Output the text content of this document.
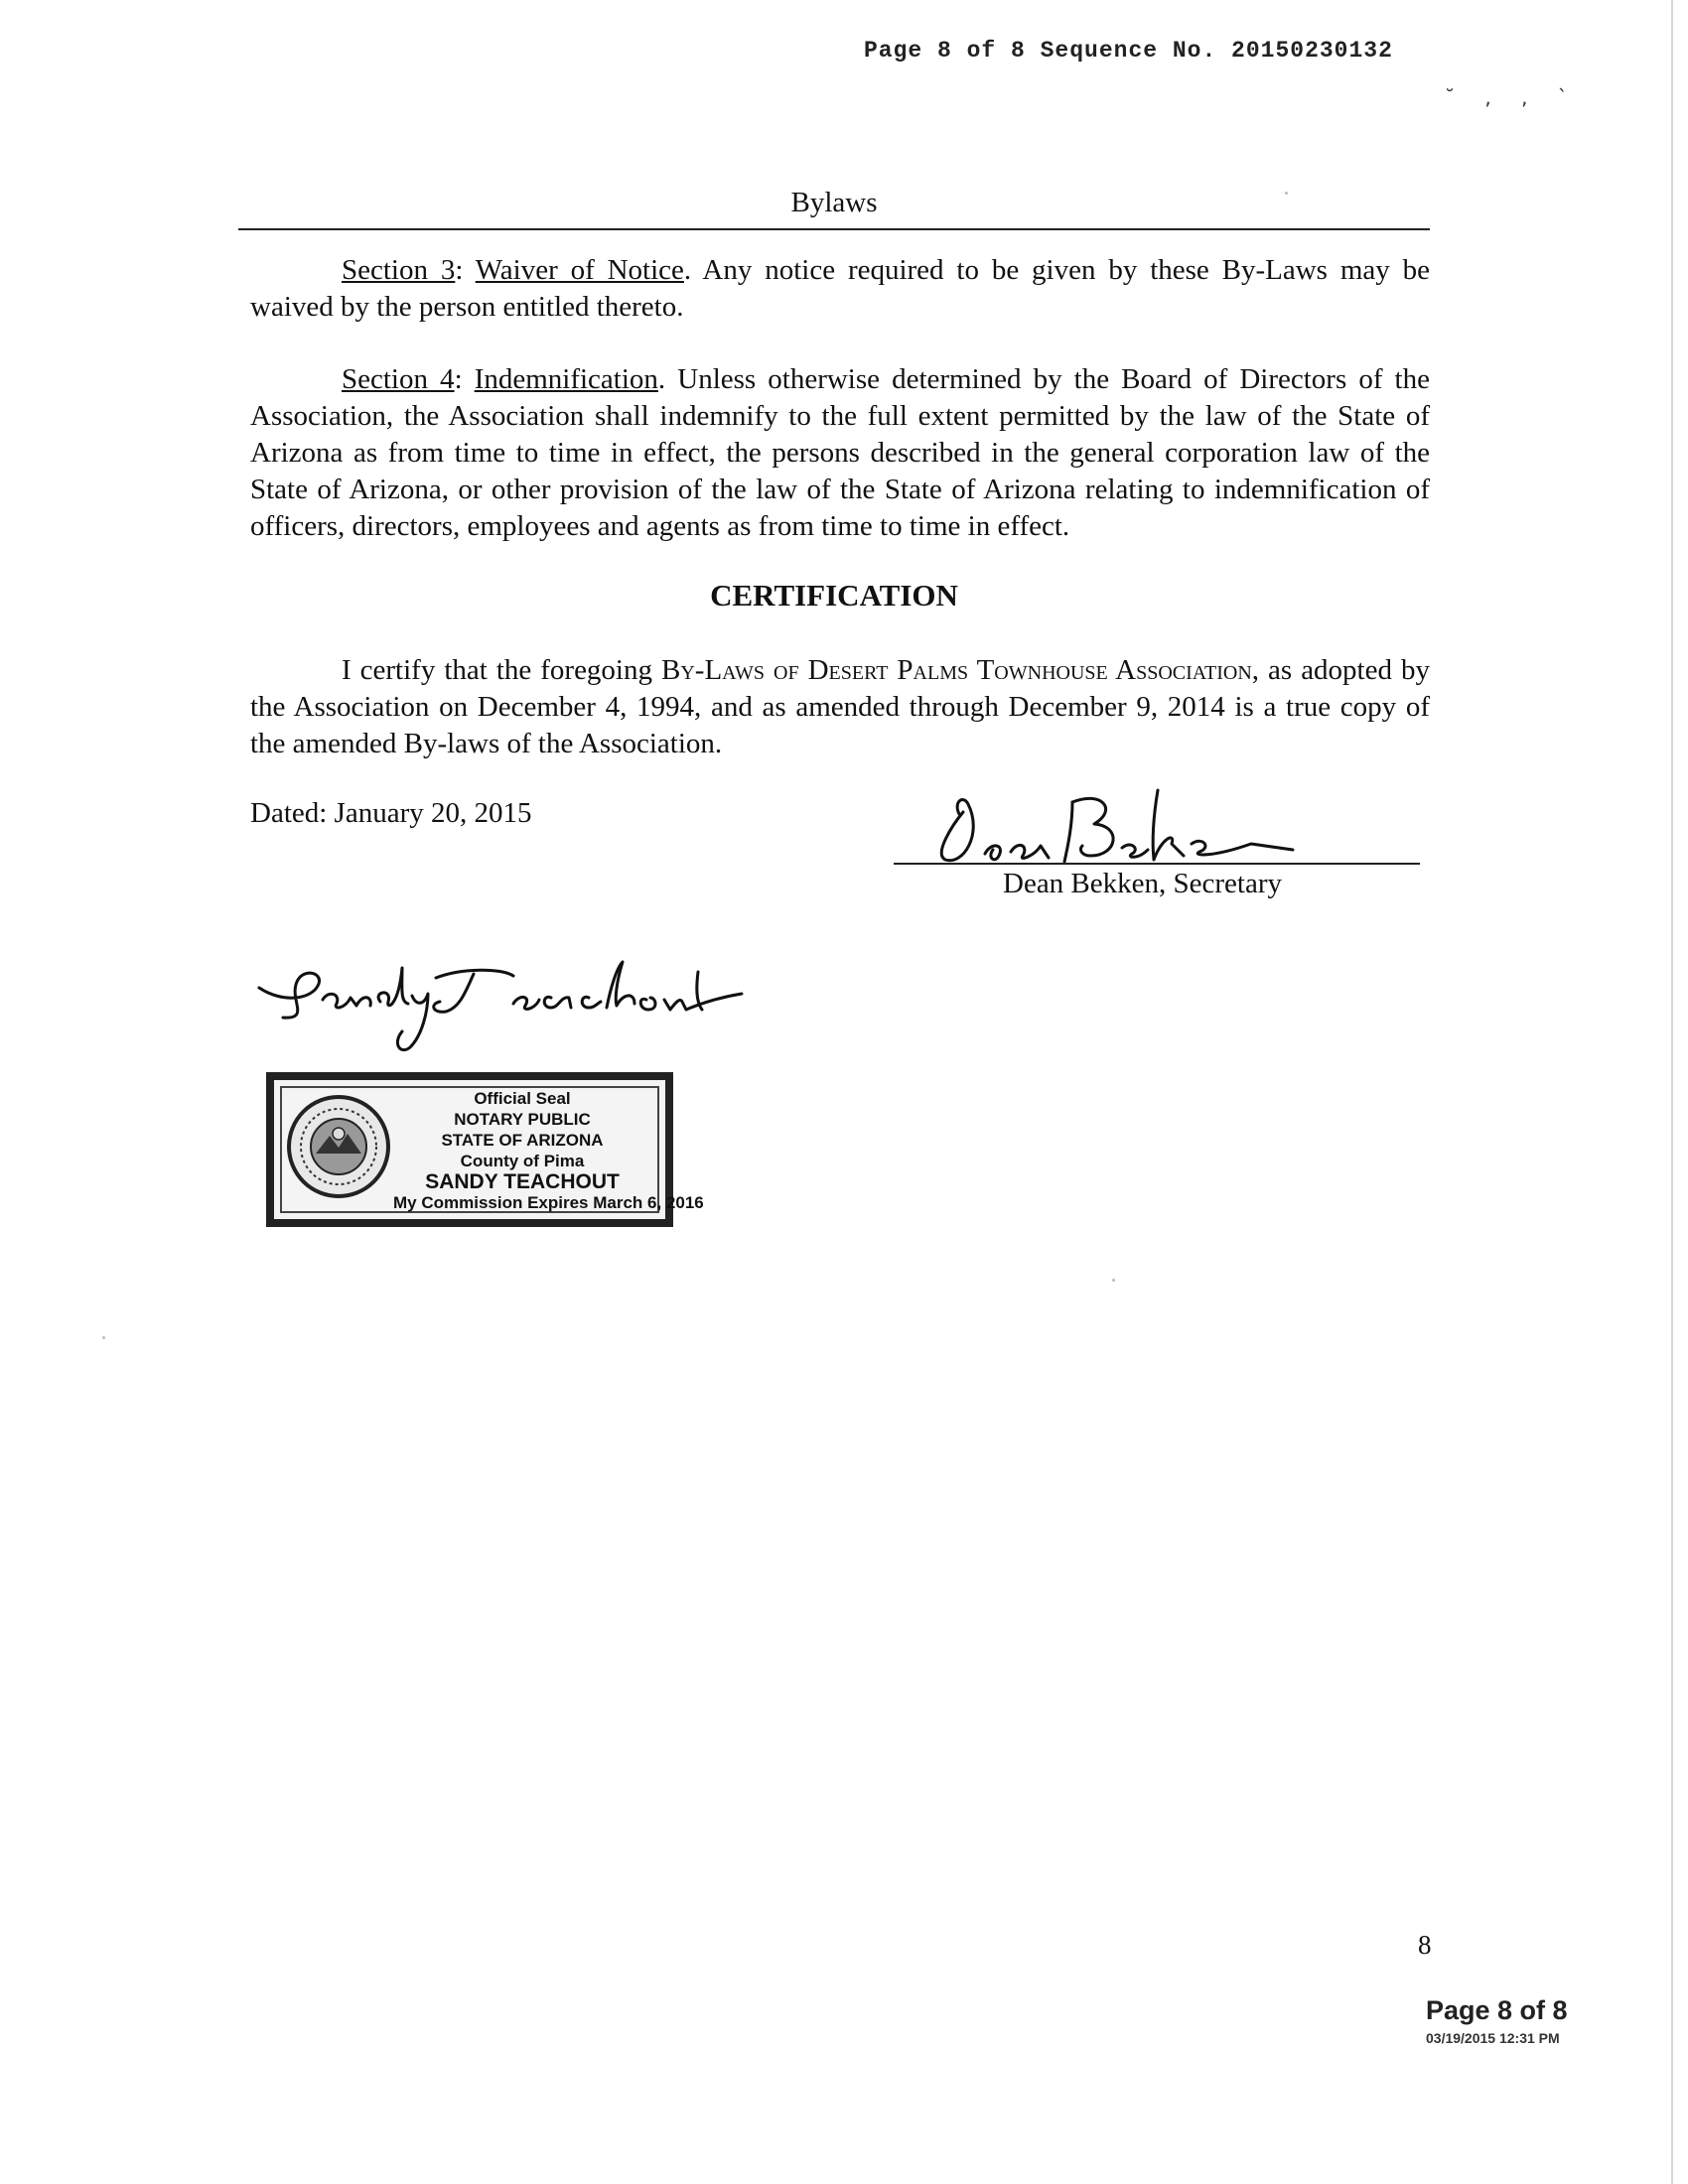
˘ , , `
Page 8 of 8 Sequence No. 20150230132
Bylaws

Section 3: Waiver of Notice. Any notice required to be given by these By-Laws may be waived by the person entitled thereto.

Section 4: Indemnification. Unless otherwise determined by the Board of Directors of the Association, the Association shall indemnify to the full extent permitted by the law of the State of Arizona as from time to time in effect, the persons described in the general corporation law of the State of Arizona, or other provision of the law of the State of Arizona relating to indemnification of officers, directors, employees and agents as from time to time in effect.

CERTIFICATION

I certify that the foregoing By-Laws of Desert Palms Townhouse Association, as adopted by the Association on December 4, 1994, and as amended through December 9, 2014 is a true copy of the amended By-laws of the Association.

Dated: January 20, 2015
Dean Bekken, Secretary
Official Seal
NOTARY PUBLIC
STATE OF ARIZONA
County of Pima
SANDY TEACHOUT
My Commission Expires March 6, 2016
8
Page 8 of 8
03/19/2015 12:31 PM
